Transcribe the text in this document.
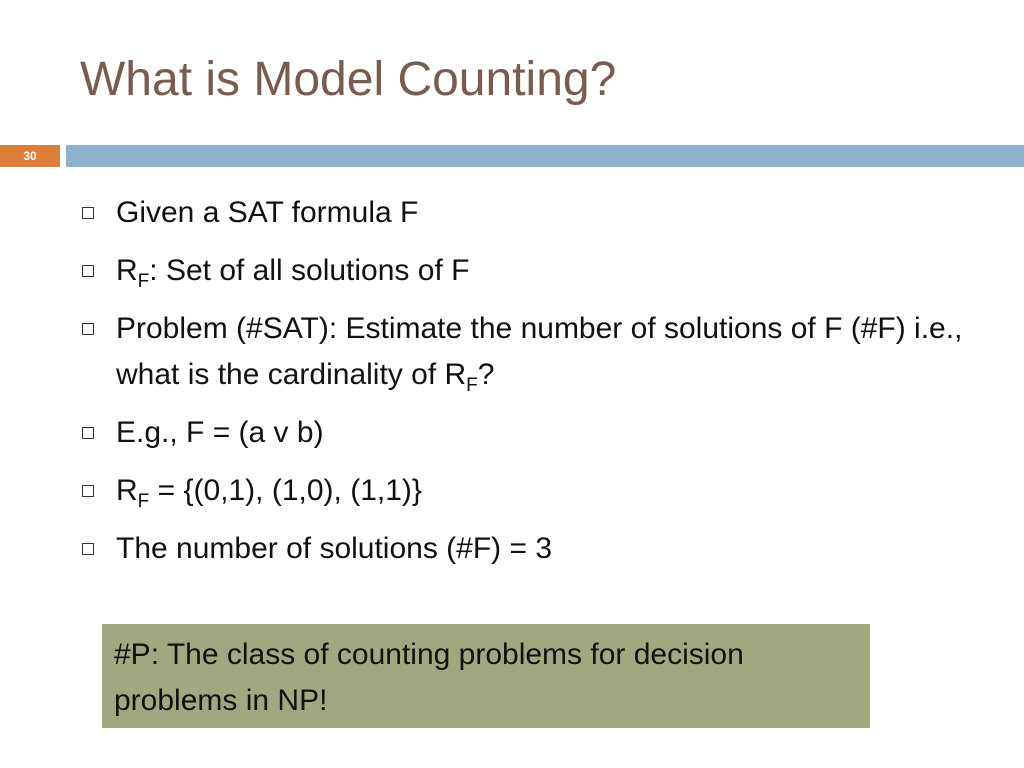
What is Model Counting?
30
Given a SAT formula F
$R_F$: Set of all solutions of F
Problem (#SAT): Estimate the number of solutions of F (#F) i.e., what is the cardinality of $R_F$?
E.g., F = (a v b)
$R_F = \{(0,1)$, (1,0), (1,1)}
The number of solutions (#F) = 3
#P: The class of counting problems for decision problems in NP!
